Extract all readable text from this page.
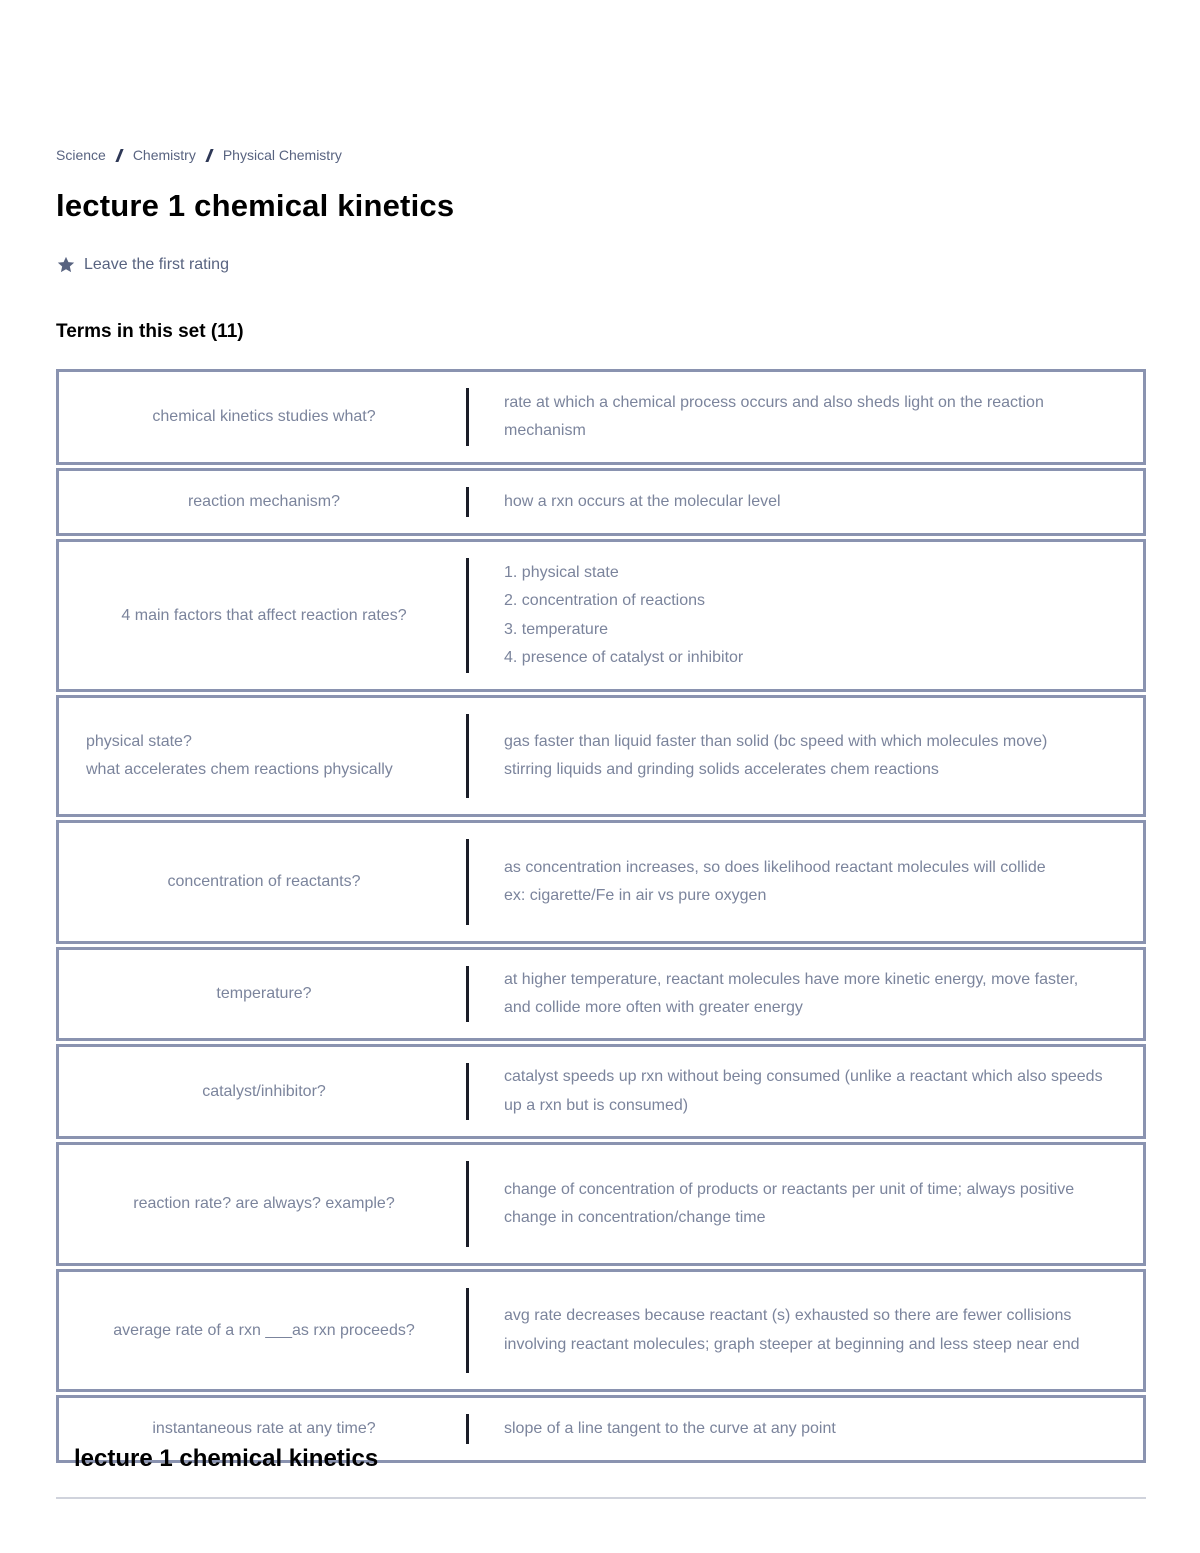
Science Chemistry Physical Chemistry
lecture 1 chemical kinetics
Leave the first rating
Terms in this set (11)
chemical kinetics studies what?
rate at which a chemical process occurs and also sheds light on the reaction mechanism
reaction mechanism?	how a rxn occurs at the molecular level
4 main factors that affect reaction rates?
1. physical state
2. concentration of reactions
3. temperature
4. presence of catalyst or inhibitor
physical state?
what accelerates chem reactions physically
gas faster than liquid faster than solid (bc speed with which molecules move)
stirring liquids and grinding solids accelerates chem reactions
concentration of reactants?
as concentration increases, so does likelihood reactant molecules will collide
ex: cigarette/Fe in air vs pure oxygen
temperature?
at higher temperature, reactant molecules have more kinetic energy, move faster, and collide more often with greater energy
catalyst/inhibitor?
catalyst speeds up rxn without being consumed (unlike a reactant which also speeds up a rxn but is consumed)
reaction rate? are always? example?
change of concentration of products or reactants per unit of time; always positive
change in concentration/change time
average rate of a rxn ___as rxn proceeds?
avg rate decreases because reactant (s) exhausted so there are fewer collisions involving reactant molecules; graph steeper at beginning and less steep near end
instantaneous rate at any time?	slope of a line tangent to the curve at any point
lecture 1 chemical kinetics
